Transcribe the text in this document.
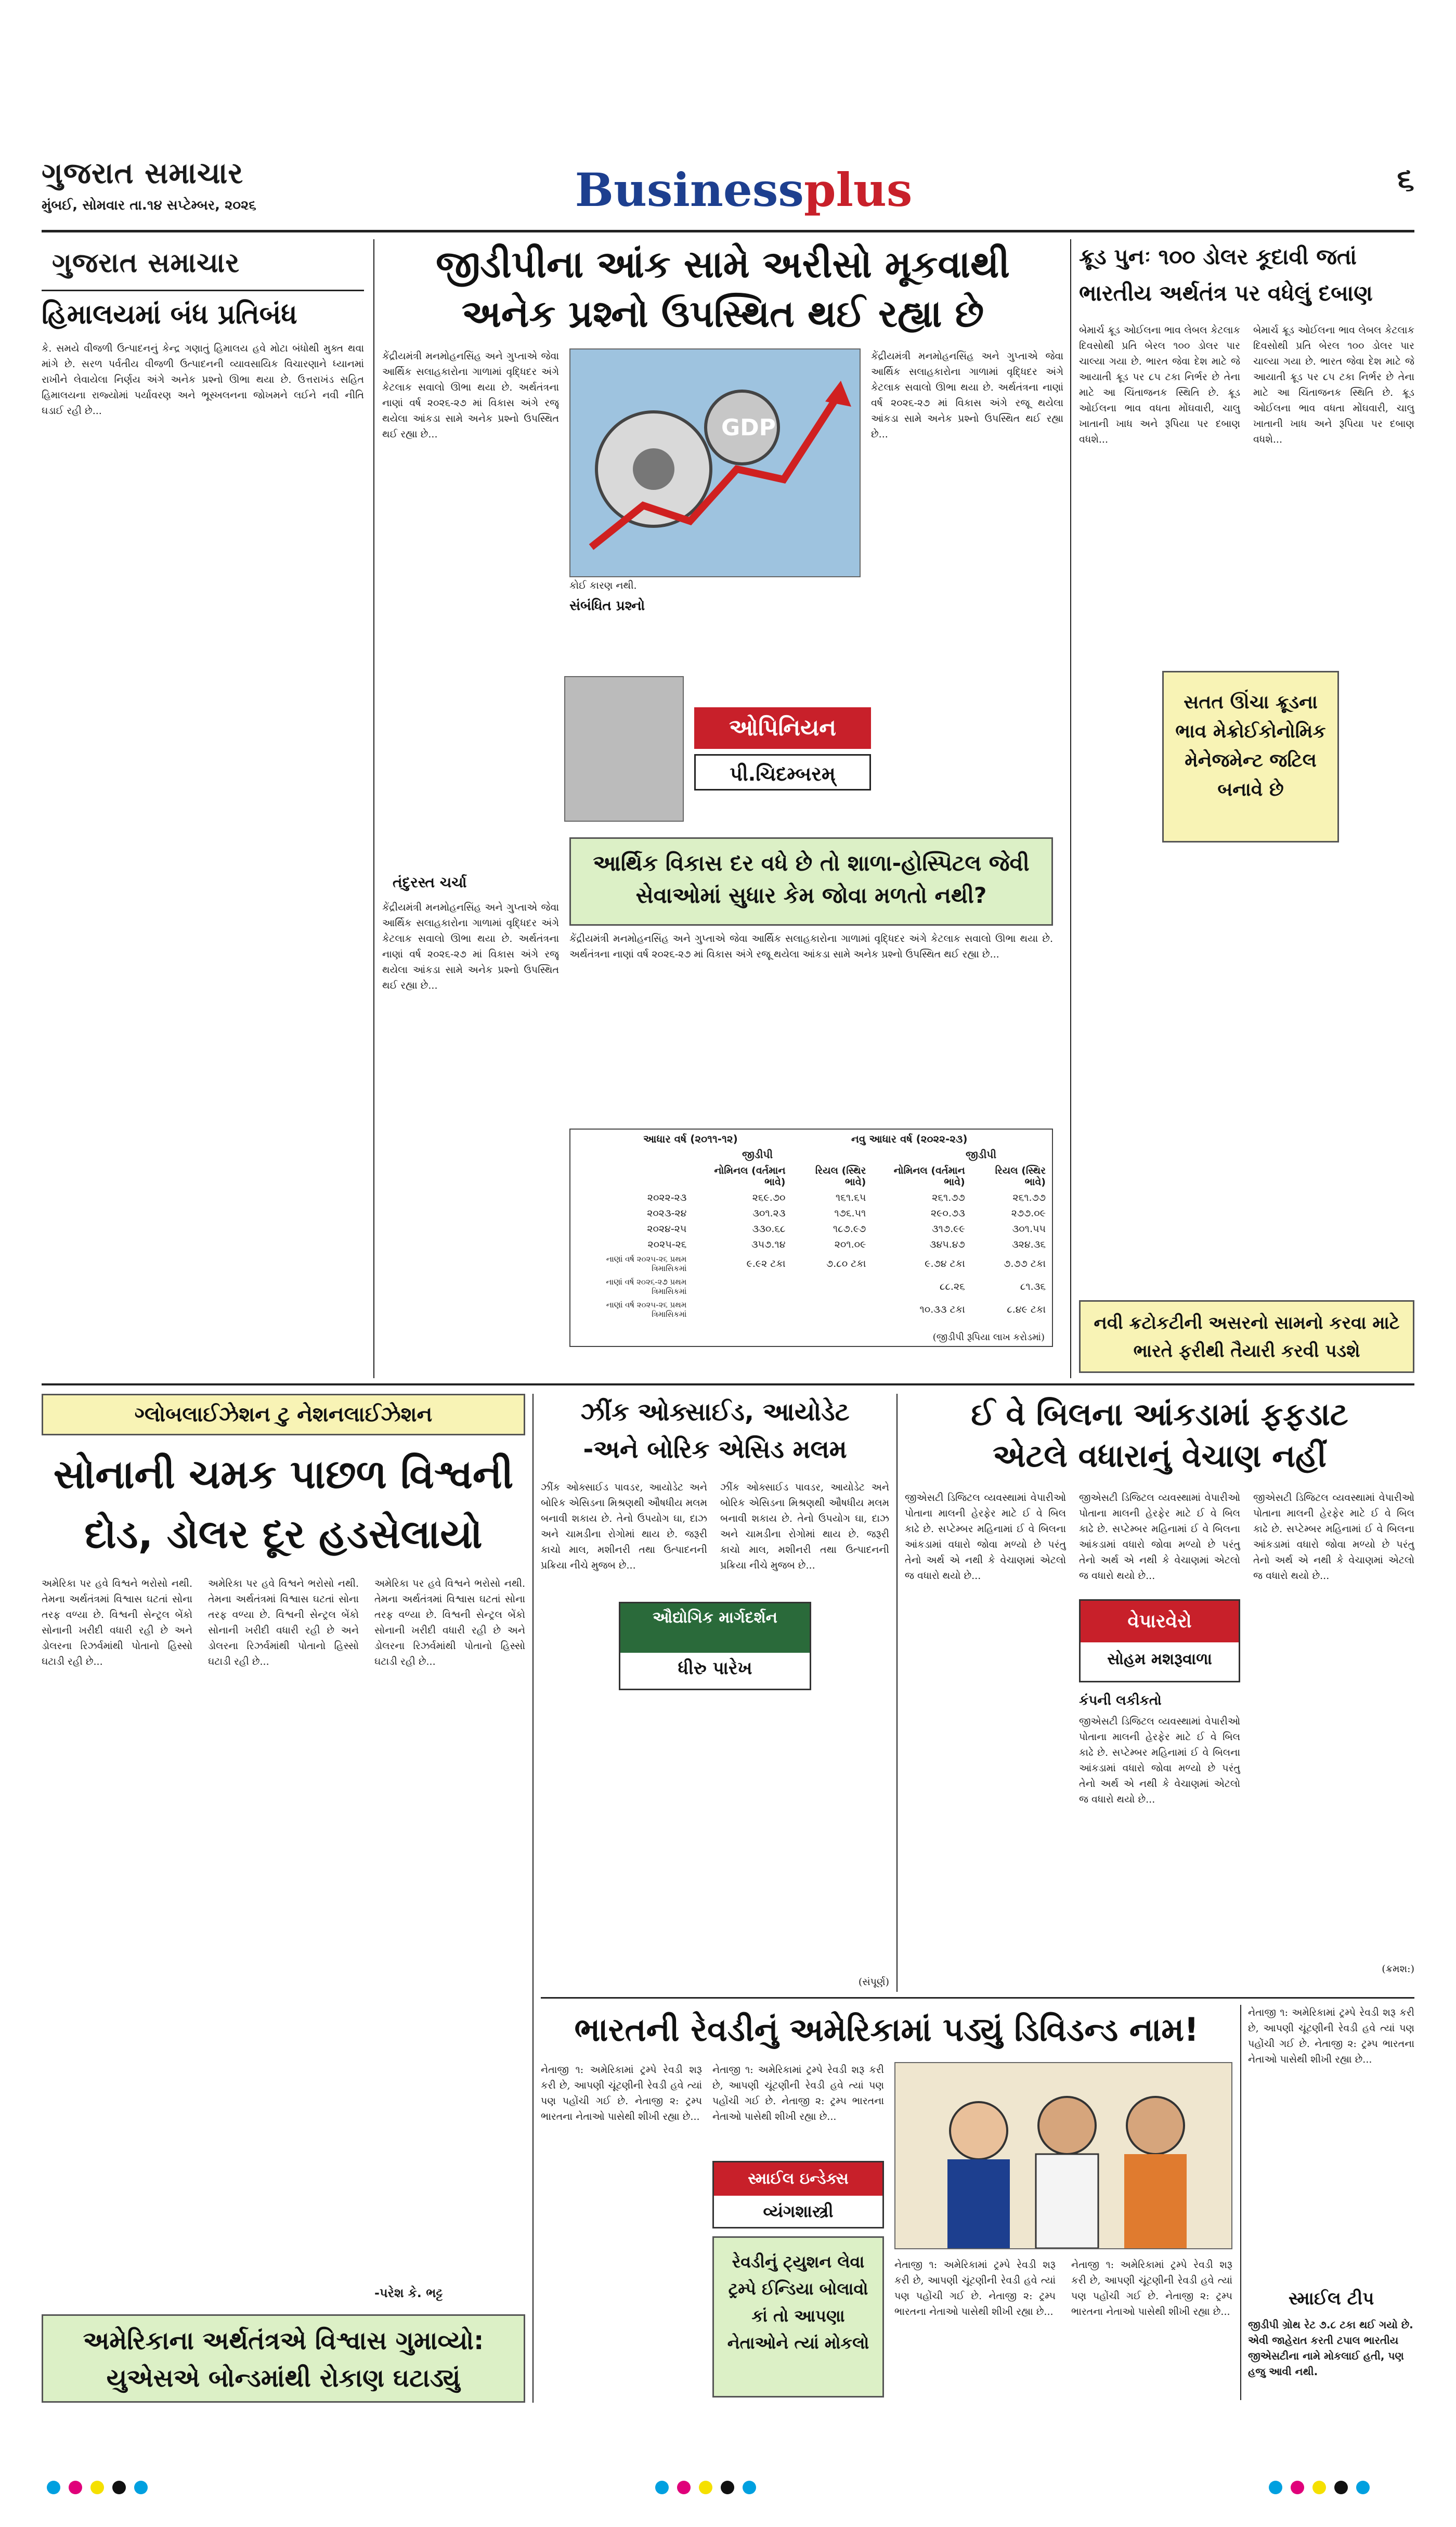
ગુજરાત સમાચાર
મુંબઈ, સોમવાર તા.૧૪ સપ્ટેમ્બર, ૨૦૨૬	Businessplus	૬
ગુજરાત સમાચાર
હિમાલયમાં બંધ પ્રતિબંધ
કે. સમયે વીજળી ઉત્પાદનનું કેન્દ્ર ગણાતું હિમાલય હવે મોટા બંધોથી મુક્ત થવા માંગે છે. સરળ પર્વતીય વીજળી ઉત્પાદનની વ્યાવસાયિક વિચારણાને ધ્યાનમાં રાખીને લેવાયેલા નિર્ણય અંગે અનેક પ્રશ્નો ઊભા થયા છે. ઉત્તરાખંડ સહિત હિમાલયના રાજ્યોમાં પર્યાવરણ અને ભૂસ્ખલનના જોખમને લઈને નવી નીતિ ઘડાઈ રહી છે...
જીડીપીના આંક સામે અરીસો મૂકવાથી
અનેક પ્રશ્નો ઉપસ્થિત થઈ રહ્યા છે
કેંદ્રીયમંત્રી મનમોહનસિંહ અને ગુપ્તાએ જેવા આર્થિક સલાહકારોના ગાળામાં વૃદ્ધિદર અંગે કેટલાક સવાલો ઊભા થયા છે. અર્થતંત્રના નાણાં વર્ષ ૨૦૨૬-૨૭ માં વિકાસ અંગે રજૂ થયેલા આંકડા સામે અનેક પ્રશ્નો ઉપસ્થિત થઈ રહ્યા છે...	GDP
કોઈ કારણ નથી.
સંબંધિત પ્રશ્નો
કેંદ્રીયમંત્રી મનમોહનસિંહ અને ગુપ્તાએ જેવા આર્થિક સલાહકારોના ગાળામાં વૃદ્ધિદર અંગે કેટલાક સવાલો ઊભા થયા છે. અર્થતંત્રના નાણાં વર્ષ ૨૦૨૬-૨૭ માં વિકાસ અંગે રજૂ થયેલા આંકડા સામે અનેક પ્રશ્નો ઉપસ્થિત થઈ રહ્યા છે...
તંદુરસ્ત ચર્ચા
ઓપિનિયન
પી.ચિદમ્બરમ્
આર્થિક વિકાસ દર વધે છે તો શાળા-હોસ્પિટલ જેવી સેવાઓમાં સુધાર કેમ જોવા મળતો નથી?
કેંદ્રીયમંત્રી મનમોહનસિંહ અને ગુપ્તાએ જેવા આર્થિક સલાહકારોના ગાળામાં વૃદ્ધિદર અંગે કેટલાક સવાલો ઊભા થયા છે. અર્થતંત્રના નાણાં વર્ષ ૨૦૨૬-૨૭ માં વિકાસ અંગે રજૂ થયેલા આંકડા સામે અનેક પ્રશ્નો ઉપસ્થિત થઈ રહ્યા છે...
આધાર વર્ષ (૨૦૧૧-૧૨)	નવુ આધાર વર્ષ (૨૦૨૨-૨૩)
જીડીપી	જીડીપી
	નોમિનલ (વર્તમાન ભાવે)	રિયલ (સ્થિર ભાવે)	નોમિનલ (વર્તમાન ભાવે)	રિયલ (સ્થિર ભાવે)
૨૦૨૨-૨૩	૨૬૯.૭૦	૧૬૧.૬૫	૨૬૧.૭૭	૨૬૧.૭૭
૨૦૨૩-૨૪	૩૦૧.૨૩	૧૭૬.૫૧	૨૯૦.૭૩	૨૭૭.૦૯
૨૦૨૪-૨૫	૩૩૦.૬૮	૧૮૭.૯૭	૩૧૭.૯૯	૩૦૧.૫૫
૨૦૨૫-૨૬	૩૫૭.૧૪	૨૦૧.૦૯	૩૪૫.૪૭	૩૨૪.૩૬
નાણાં વર્ષ ૨૦૨૫-૨૬ પ્રથમ ત્રિમાસિકમાં	૯.૯૨ ટકા	૭.૮૦ ટકા	૯.૭૪ ટકા	૭.૭૭ ટકા
નાણાં વર્ષ ૨૦૨૬-૨૭ પ્રથમ ત્રિમાસિકમાં			૮૮.૨૬	૮૧.૩૬
નાણાં વર્ષ ૨૦૨૫-૨૬ પ્રથમ ત્રિમાસિકમાં			૧૦.૩૩ ટકા	૮.૪૯ ટકા
(જીડીપી રૂપિયા લાખ કરોડમાં)
કેંદ્રીયમંત્રી મનમોહનસિંહ અને ગુપ્તાએ જેવા આર્થિક સલાહકારોના ગાળામાં વૃદ્ધિદર અંગે કેટલાક સવાલો ઊભા થયા છે. અર્થતંત્રના નાણાં વર્ષ ૨૦૨૬-૨૭ માં વિકાસ અંગે રજૂ થયેલા આંકડા સામે અનેક પ્રશ્નો ઉપસ્થિત થઈ રહ્યા છે...
ક્રૂડ પુનઃ ૧૦૦ ડોલર કૂદાવી જતાં
ભારતીય અર્થતંત્ર પર વધેલું દબાણ
બેમાર્ચ ક્રૂડ ઓઈલના ભાવ લેબલ કેટલાક દિવસોથી પ્રતિ બેરલ ૧૦૦ ડોલર પાર ચાલ્યા ગયા છે. ભારત જેવા દેશ માટે જે આયાતી ક્રૂડ પર ૮૫ ટકા નિર્ભર છે તેના માટે આ ચિંતાજનક સ્થિતિ છે. ક્રૂડ ઓઈલના ભાવ વધતા મોંઘવારી, ચાલુ ખાતાની ખાધ અને રૂપિયા પર દબાણ વધશે...
બેમાર્ચ ક્રૂડ ઓઈલના ભાવ લેબલ કેટલાક દિવસોથી પ્રતિ બેરલ ૧૦૦ ડોલર પાર ચાલ્યા ગયા છે. ભારત જેવા દેશ માટે જે આયાતી ક્રૂડ પર ૮૫ ટકા નિર્ભર છે તેના માટે આ ચિંતાજનક સ્થિતિ છે. ક્રૂડ ઓઈલના ભાવ વધતા મોંઘવારી, ચાલુ ખાતાની ખાધ અને રૂપિયા પર દબાણ વધશે...
સતત ઊંચા ક્રૂડના ભાવ મેક્રોઈકોનોમિક મેનેજમેન્ટ જટિલ બનાવે છે
નવી ક્રટોકટીની અસરનો સામનો કરવા માટે ભારતે ફરીથી તૈયારી કરવી પડશે
ગ્લોબલાઈઝેશન ટુ નેશનલાઈઝેશન
સોનાની ચમક પાછળ વિશ્વની
દોડ, ડોલર દૂર હડસેલાયો
અમેરિકા પર હવે વિશ્વને ભરોસો નથી. તેમના અર્થતંત્રમાં વિશ્વાસ ઘટતાં સોના તરફ વળ્યા છે. વિશ્વની સેન્ટ્રલ બેંકો સોનાની ખરીદી વધારી રહી છે અને ડોલરના રિઝર્વમાંથી પોતાનો હિસ્સો ઘટાડી રહી છે...
અમેરિકા પર હવે વિશ્વને ભરોસો નથી. તેમના અર્થતંત્રમાં વિશ્વાસ ઘટતાં સોના તરફ વળ્યા છે. વિશ્વની સેન્ટ્રલ બેંકો સોનાની ખરીદી વધારી રહી છે અને ડોલરના રિઝર્વમાંથી પોતાનો હિસ્સો ઘટાડી રહી છે...
અમેરિકા પર હવે વિશ્વને ભરોસો નથી. તેમના અર્થતંત્રમાં વિશ્વાસ ઘટતાં સોના તરફ વળ્યા છે. વિશ્વની સેન્ટ્રલ બેંકો સોનાની ખરીદી વધારી રહી છે અને ડોલરના રિઝર્વમાંથી પોતાનો હિસ્સો ઘટાડી રહી છે...
-પરેશ કે. ભટ્ટ
અમેરિકાના અર્થતંત્રએ વિશ્વાસ ગુમાવ્યો: યુએસએ બોન્ડમાંથી રોકાણ ઘટાડ્યું
ઝીંક ઓક્સાઈડ, આયોડેટ
-અને બોરિક એસિડ મલમ
ઝીંક ઓક્સાઈડ પાવડર, આયોડેટ અને બોરિક એસિડના મિશ્રણથી ઔષધીય મલમ બનાવી શકાય છે. તેનો ઉપયોગ ઘા, દાઝ અને ચામડીના રોગોમાં થાય છે. જરૂરી કાચો માલ, મશીનરી તથા ઉત્પાદનની પ્રક્રિયા નીચે મુજબ છે...
ઝીંક ઓક્સાઈડ પાવડર, આયોડેટ અને બોરિક એસિડના મિશ્રણથી ઔષધીય મલમ બનાવી શકાય છે. તેનો ઉપયોગ ઘા, દાઝ અને ચામડીના રોગોમાં થાય છે. જરૂરી કાચો માલ, મશીનરી તથા ઉત્પાદનની પ્રક્રિયા નીચે મુજબ છે...
ઔદ્યોગિક માર્ગદર્શન
ધીરુ પારેખ
(સંપૂર્ણ)
ઈ વે બિલના આંકડામાં ફફડાટ
એટલે વધારાનું વેચાણ નહીં
જીએસટી ડિજિટલ વ્યવસ્થામાં વેપારીઓ પોતાના માલની હેરફેર માટે ઈ વે બિલ કાઢે છે. સપ્ટેમ્બર મહિનામાં ઈ વે બિલના આંકડામાં વધારો જોવા મળ્યો છે પરંતુ તેનો અર્થ એ નથી કે વેચાણમાં એટલો જ વધારો થયો છે...
જીએસટી ડિજિટલ વ્યવસ્થામાં વેપારીઓ પોતાના માલની હેરફેર માટે ઈ વે બિલ કાઢે છે. સપ્ટેમ્બર મહિનામાં ઈ વે બિલના આંકડામાં વધારો જોવા મળ્યો છે પરંતુ તેનો અર્થ એ નથી કે વેચાણમાં એટલો જ વધારો થયો છે...
વેપારવેરો
સોહમ મશરૂવાળા
કંપની લકીકતો
જીએસટી ડિજિટલ વ્યવસ્થામાં વેપારીઓ પોતાના માલની હેરફેર માટે ઈ વે બિલ કાઢે છે. સપ્ટેમ્બર મહિનામાં ઈ વે બિલના આંકડામાં વધારો જોવા મળ્યો છે પરંતુ તેનો અર્થ એ નથી કે વેચાણમાં એટલો જ વધારો થયો છે...
જીએસટી ડિજિટલ વ્યવસ્થામાં વેપારીઓ પોતાના માલની હેરફેર માટે ઈ વે બિલ કાઢે છે. સપ્ટેમ્બર મહિનામાં ઈ વે બિલના આંકડામાં વધારો જોવા મળ્યો છે પરંતુ તેનો અર્થ એ નથી કે વેચાણમાં એટલો જ વધારો થયો છે...
(ક્રમશ:)
ભારતની રેવડીનું અમેરિકામાં પડ્યું ડિવિડન્ડ નામ!
નેતાજી ૧: અમેરિકામાં ટ્રમ્પે રેવડી શરૂ કરી છે, આપણી ચૂંટણીની રેવડી હવે ત્યાં પણ પહોંચી ગઈ છે. નેતાજી ૨: ટ્રમ્પ ભારતના નેતાઓ પાસેથી શીખી રહ્યા છે...
સ્માઈલ ઇન્ડેક્સ
વ્યંગશાસ્ત્રી
નેતાજી ૧: અમેરિકામાં ટ્રમ્પે રેવડી શરૂ કરી છે, આપણી ચૂંટણીની રેવડી હવે ત્યાં પણ પહોંચી ગઈ છે. નેતાજી ૨: ટ્રમ્પ ભારતના નેતાઓ પાસેથી શીખી રહ્યા છે...
રેવડીનું ટ્યુશન લેવા ટ્રમ્પે ઈન્ડિયા બોલાવો કાં તો આપણા નેતાઓને ત્યાં મોકલો
નેતાજી ૧: અમેરિકામાં ટ્રમ્પે રેવડી શરૂ કરી છે, આપણી ચૂંટણીની રેવડી હવે ત્યાં પણ પહોંચી ગઈ છે. નેતાજી ૨: ટ્રમ્પ ભારતના નેતાઓ પાસેથી શીખી રહ્યા છે...
નેતાજી ૧: અમેરિકામાં ટ્રમ્પે રેવડી શરૂ કરી છે, આપણી ચૂંટણીની રેવડી હવે ત્યાં પણ પહોંચી ગઈ છે. નેતાજી ૨: ટ્રમ્પ ભારતના નેતાઓ પાસેથી શીખી રહ્યા છે...
નેતાજી ૧: અમેરિકામાં ટ્રમ્પે રેવડી શરૂ કરી છે, આપણી ચૂંટણીની રેવડી હવે ત્યાં પણ પહોંચી ગઈ છે. નેતાજી ૨: ટ્રમ્પ ભારતના નેતાઓ પાસેથી શીખી રહ્યા છે...
સ્માઈલ ટીપ
જીડીપી ગ્રોથ રેટ ૭.૮ ટકા થઈ ગયો છે. એવી જાહેરાત કરતી ટપાલ ભારતીય જીએસટીના નામે મોકલાઈ હતી, પણ હજુ આવી નથી.
